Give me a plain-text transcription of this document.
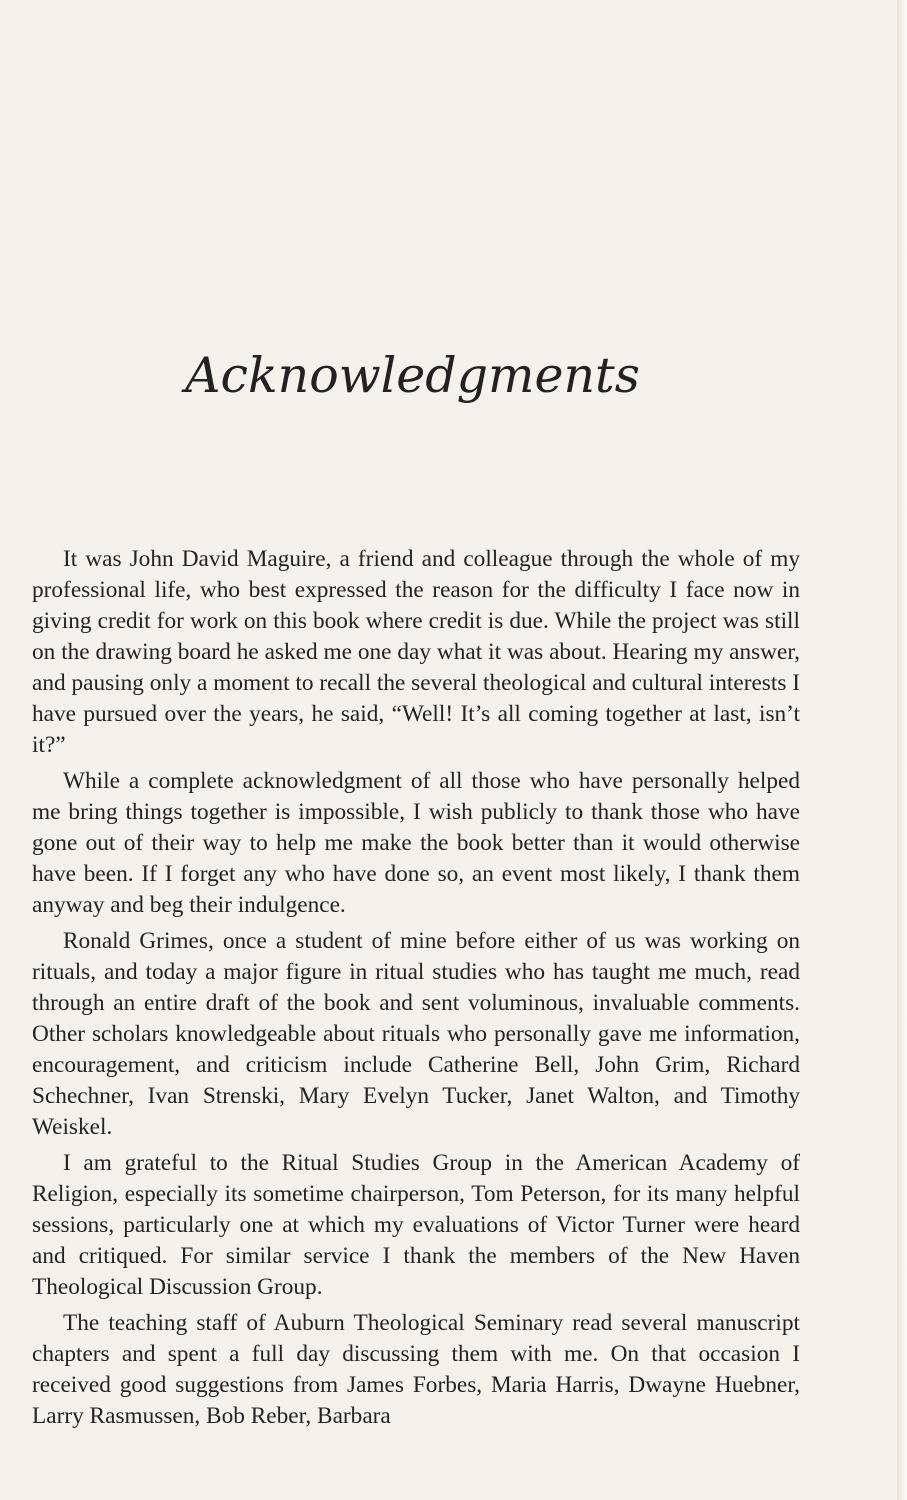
Acknowledgments

It was John David Maguire, a friend and colleague through the whole of my professional life, who best expressed the reason for the difficulty I face now in giving credit for work on this book where credit is due. While the project was still on the drawing board he asked me one day what it was about. Hearing my answer, and pausing only a moment to recall the several theological and cultural interests I have pursued over the years, he said, “Well! It’s all coming together at last, isn’t it?”

While a complete acknowledgment of all those who have personally helped me bring things together is impossible, I wish publicly to thank those who have gone out of their way to help me make the book better than it would otherwise have been. If I forget any who have done so, an event most likely, I thank them anyway and beg their indulgence.

Ronald Grimes, once a student of mine before either of us was working on rituals, and today a major figure in ritual studies who has taught me much, read through an entire draft of the book and sent voluminous, invaluable comments. Other scholars knowledgeable about rituals who personally gave me information, encouragement, and criticism include Catherine Bell, John Grim, Richard Schechner, Ivan Strenski, Mary Evelyn Tucker, Janet Walton, and Timothy Weiskel.

I am grateful to the Ritual Studies Group in the American Academy of Religion, especially its sometime chairperson, Tom Peterson, for its many helpful sessions, particularly one at which my evaluations of Victor Turner were heard and critiqued. For similar service I thank the members of the New Haven Theological Discussion Group.

The teaching staff of Auburn Theological Seminary read several manuscript chapters and spent a full day discussing them with me. On that occasion I received good suggestions from James Forbes, Maria Harris, Dwayne Huebner, Larry Rasmussen, Bob Reber, Barbara
